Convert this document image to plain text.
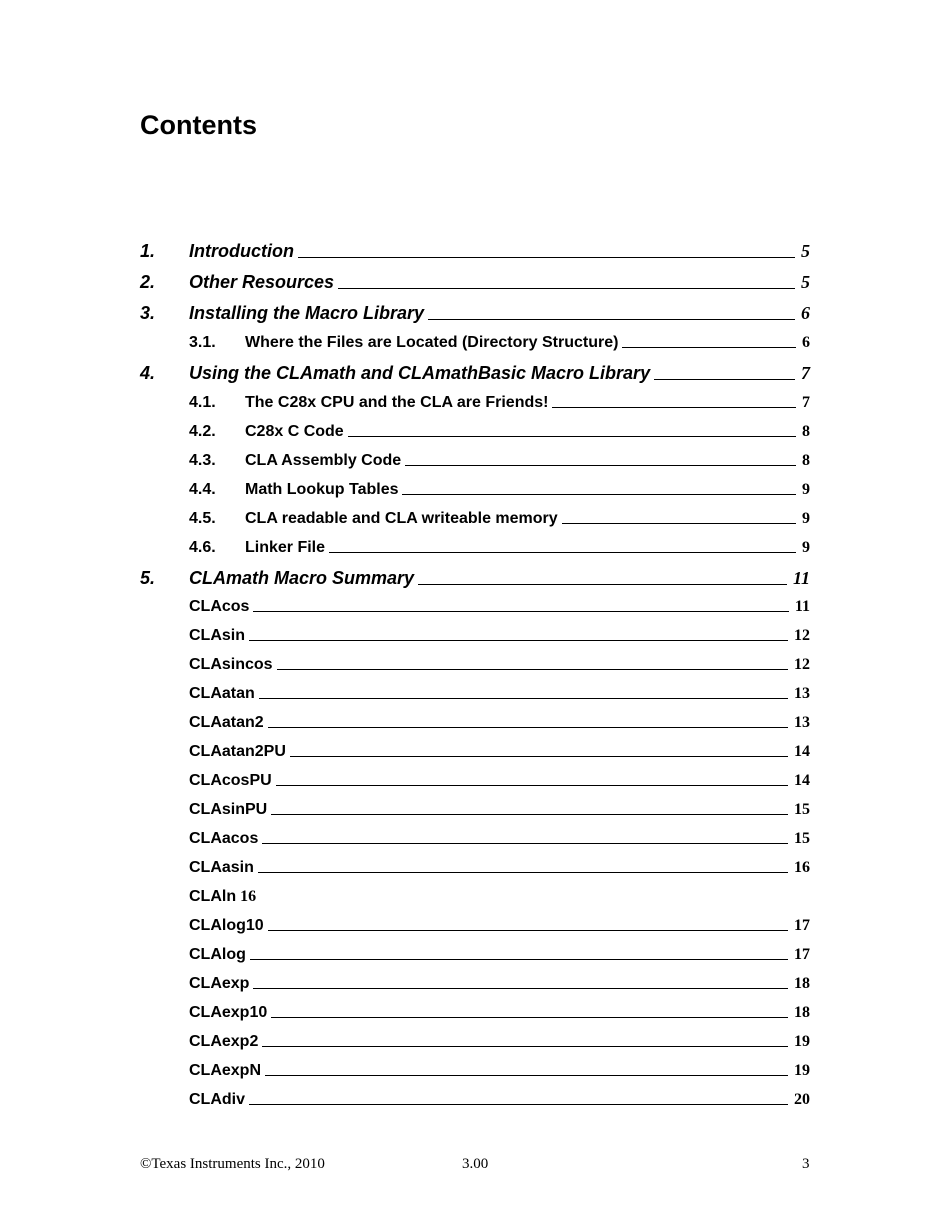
Contents
1.	Introduction	5
2.	Other Resources	5
3.	Installing the Macro Library	6
3.1.	Where the Files are Located (Directory Structure)	6
4.	Using the CLAmath and CLAmathBasic Macro Library	7
4.1.	The C28x CPU and the CLA are Friends!	7
4.2.	C28x C Code	8
4.3.	CLA Assembly Code	8
4.4.	Math Lookup Tables	9
4.5.	CLA readable and CLA writeable memory	9
4.6.	Linker File	9
5.	CLAmath Macro Summary	11
CLAcos	11
CLAsin	12
CLAsincos	12
CLAatan	13
CLAatan2	13
CLAatan2PU	14
CLAcosPU	14
CLAsinPU	15
CLAacos	15
CLAasin	16
CLAln 16
CLAlog10	17
CLAlog	17
CLAexp	18
CLAexp10	18
CLAexp2	19
CLAexpN	19
CLAdiv	20
©Texas Instruments Inc., 2010	3.00	3
